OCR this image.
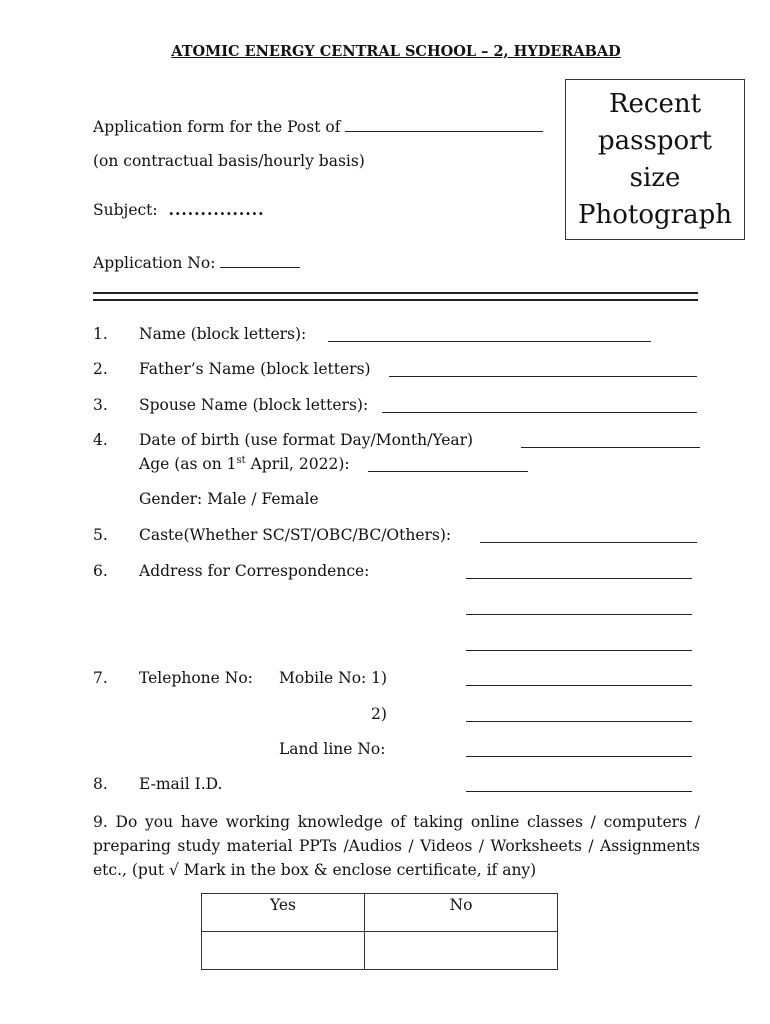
ATOMIC ENERGY CENTRAL SCHOOL – 2, HYDERABAD
Recent
passport
size
Photograph
Application form for the Post of
(on contractual basis/hourly basis)
Subject: ...............
Application No:
1. Name (block letters):
2. Father’s Name (block letters)
3. Spouse Name (block letters):
4. Date of birth (use format Day/Month/Year)
Age (as on 1st April, 2022):
Gender: Male / Female
5. Caste(Whether SC/ST/OBC/BC/Others):
6. Address for Correspondence:
7. Telephone No: Mobile No: 1)
2)
Land line No:
8. E-mail I.D.
9. Do you have working knowledge of taking online classes / computers / preparing study material PPTs /Audios / Videos / Worksheets / Assignments etc., (put √ Mark in the box & enclose certificate, if any)
Yes	No
